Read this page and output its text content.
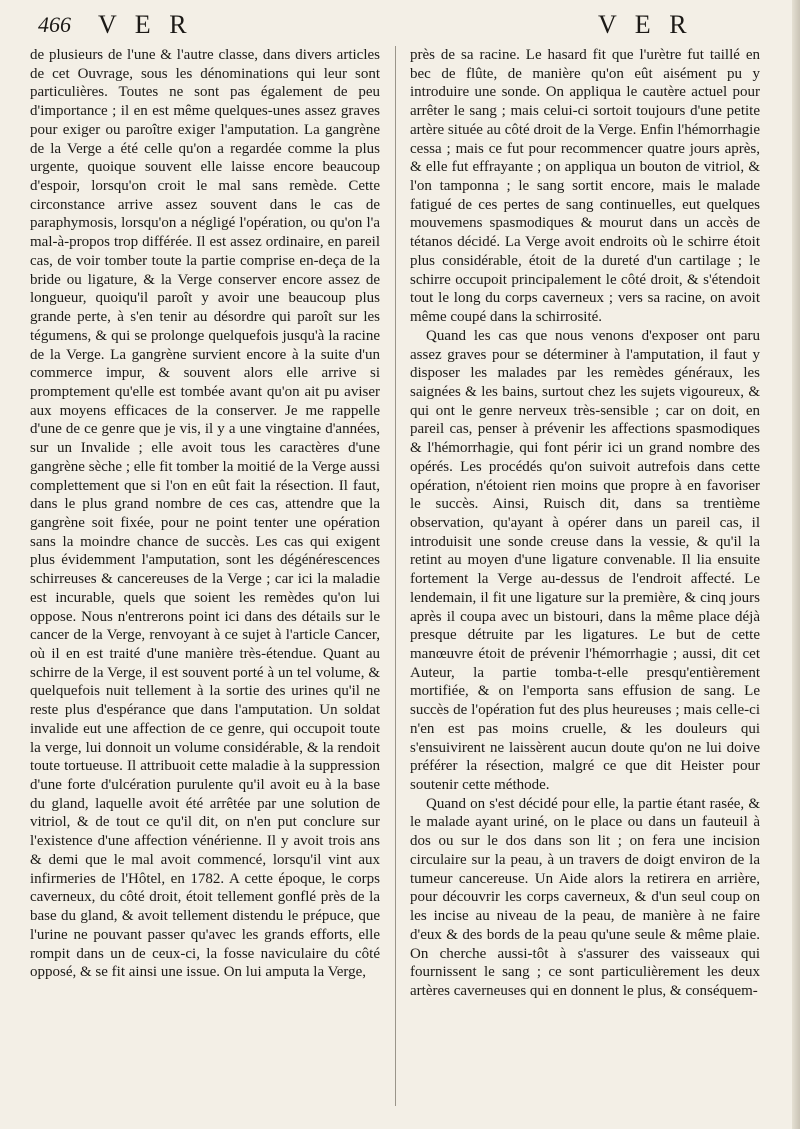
466 V E R	V E R

de plusieurs de l'une & l'autre classe, dans divers articles de cet Ouvrage, sous les dénominations qui leur sont particulières. Toutes ne sont pas également de peu d'importance ; il en est même quelques-unes assez graves pour exiger ou paroître exiger l'amputation. La gangrène de la Verge a été celle qu'on a regardée comme la plus urgente, quoique souvent elle laisse encore beaucoup d'espoir, lorsqu'on croit le mal sans remède. Cette circonstance arrive assez souvent dans le cas de paraphymosis, lorsqu'on a négligé l'opération, ou qu'on l'a mal-à-propos trop différée. Il est assez ordinaire, en pareil cas, de voir tomber toute la partie comprise en-deça de la bride ou ligature, & la Verge conserver encore assez de longueur, quoiqu'il paroît y avoir une beaucoup plus grande perte, à s'en tenir au désordre qui paroît sur les tégumens, & qui se prolonge quelquefois jusqu'à la racine de la Verge. La gangrène survient encore à la suite d'un commerce impur, & souvent alors elle arrive si promptement qu'elle est tombée avant qu'on ait pu aviser aux moyens efficaces de la conserver. Je me rappelle d'une de ce genre que je vis, il y a une vingtaine d'années, sur un Invalide ; elle avoit tous les caractères d'une gangrène sèche ; elle fit tomber la moitié de la Verge aussi complettement que si l'on en eût fait la résection. Il faut, dans le plus grand nombre de ces cas, attendre que la gangrène soit fixée, pour ne point tenter une opération sans la moindre chance de succès. Les cas qui exigent plus évidemment l'amputation, sont les dégénérescences schirreuses & cancereuses de la Verge ; car ici la maladie est incurable, quels que soient les remèdes qu'on lui oppose. Nous n'entrerons point ici dans des détails sur le cancer de la Verge, renvoyant à ce sujet à l'article Cancer, où il en est traité d'une manière très-étendue. Quant au schirre de la Verge, il est souvent porté à un tel volume, & quelquefois nuit tellement à la sortie des urines qu'il ne reste plus d'espérance que dans l'amputation. Un soldat invalide eut une affection de ce genre, qui occupoit toute la verge, lui donnoit un volume considérable, & la rendoit toute tortueuse. Il attribuoit cette maladie à la suppression d'une forte d'ulcération purulente qu'il avoit eu à la base du gland, laquelle avoit été arrêtée par une solution de vitriol, & de tout ce qu'il dit, on n'en put conclure sur l'existence d'une affection vénérienne. Il y avoit trois ans & demi que le mal avoit commencé, lorsqu'il vint aux infirmeries de l'Hôtel, en 1782. A cette époque, le corps caverneux, du côté droit, étoit tellement gonflé près de la base du gland, & avoit tellement distendu le prépuce, que l'urine ne pouvant passer qu'avec les grands efforts, elle rompit dans un de ceux-ci, la fosse naviculaire du côté opposé, & se fit ainsi une issue. On lui amputa la Verge,

près de sa racine. Le hasard fit que l'urètre fut taillé en bec de flûte, de manière qu'on eût aisément pu y introduire une sonde. On appliqua le cautère actuel pour arrêter le sang ; mais celui-ci sortoit toujours d'une petite artère située au côté droit de la Verge. Enfin l'hémorrhagie cessa ; mais ce fut pour recommencer quatre jours après, & elle fut effrayante ; on appliqua un bouton de vitriol, & l'on tamponna ; le sang sortit encore, mais le malade fatigué de ces pertes de sang continuelles, eut quelques mouvemens spasmodiques & mourut dans un accès de tétanos décidé. La Verge avoit endroits où le schirre étoit plus considérable, étoit de la dureté d'un cartilage ; le schirre occupoit principalement le côté droit, & s'étendoit tout le long du corps caverneux ; vers sa racine, on avoit même coupé dans la schirrosité.

Quand les cas que nous venons d'exposer ont paru assez graves pour se déterminer à l'amputation, il faut y disposer les malades par les remèdes généraux, les saignées & les bains, surtout chez les sujets vigoureux, & qui ont le genre nerveux très-sensible ; car on doit, en pareil cas, penser à prévenir les affections spasmodiques & l'hémorrhagie, qui font périr ici un grand nombre des opérés. Les procédés qu'on suivoit autrefois dans cette opération, n'étoient rien moins que propre à en favoriser le succès. Ainsi, Ruisch dit, dans sa trentième observation, qu'ayant à opérer dans un pareil cas, il introduisit une sonde creuse dans la vessie, & qu'il la retint au moyen d'une ligature convenable. Il lia ensuite fortement la Verge au-dessus de l'endroit affecté. Le lendemain, il fit une ligature sur la première, & cinq jours après il coupa avec un bistouri, dans la même place déjà presque détruite par les ligatures. Le but de cette manœuvre étoit de prévenir l'hémorrhagie ; aussi, dit cet Auteur, la partie tomba-t-elle presqu'entièrement mortifiée, & on l'emporta sans effusion de sang. Le succès de l'opération fut des plus heureuses ; mais celle-ci n'en est pas moins cruelle, & les douleurs qui s'ensuivirent ne laissèrent aucun doute qu'on ne lui doive préférer la résection, malgré ce que dit Heister pour soutenir cette méthode.

Quand on s'est décidé pour elle, la partie étant rasée, & le malade ayant uriné, on le place ou dans un fauteuil à dos ou sur le dos dans son lit ; on fera une incision circulaire sur la peau, à un travers de doigt environ de la tumeur cancereuse. Un Aide alors la retirera en arrière, pour découvrir les corps caverneux, & d'un seul coup on les incise au niveau de la peau, de manière à ne faire d'eux & des bords de la peau qu'une seule & même plaie. On cherche aussi-tôt à s'assurer des vaisseaux qui fournissent le sang ; ce sont particulièrement les deux artères caverneuses qui en donnent le plus, & conséquem-
